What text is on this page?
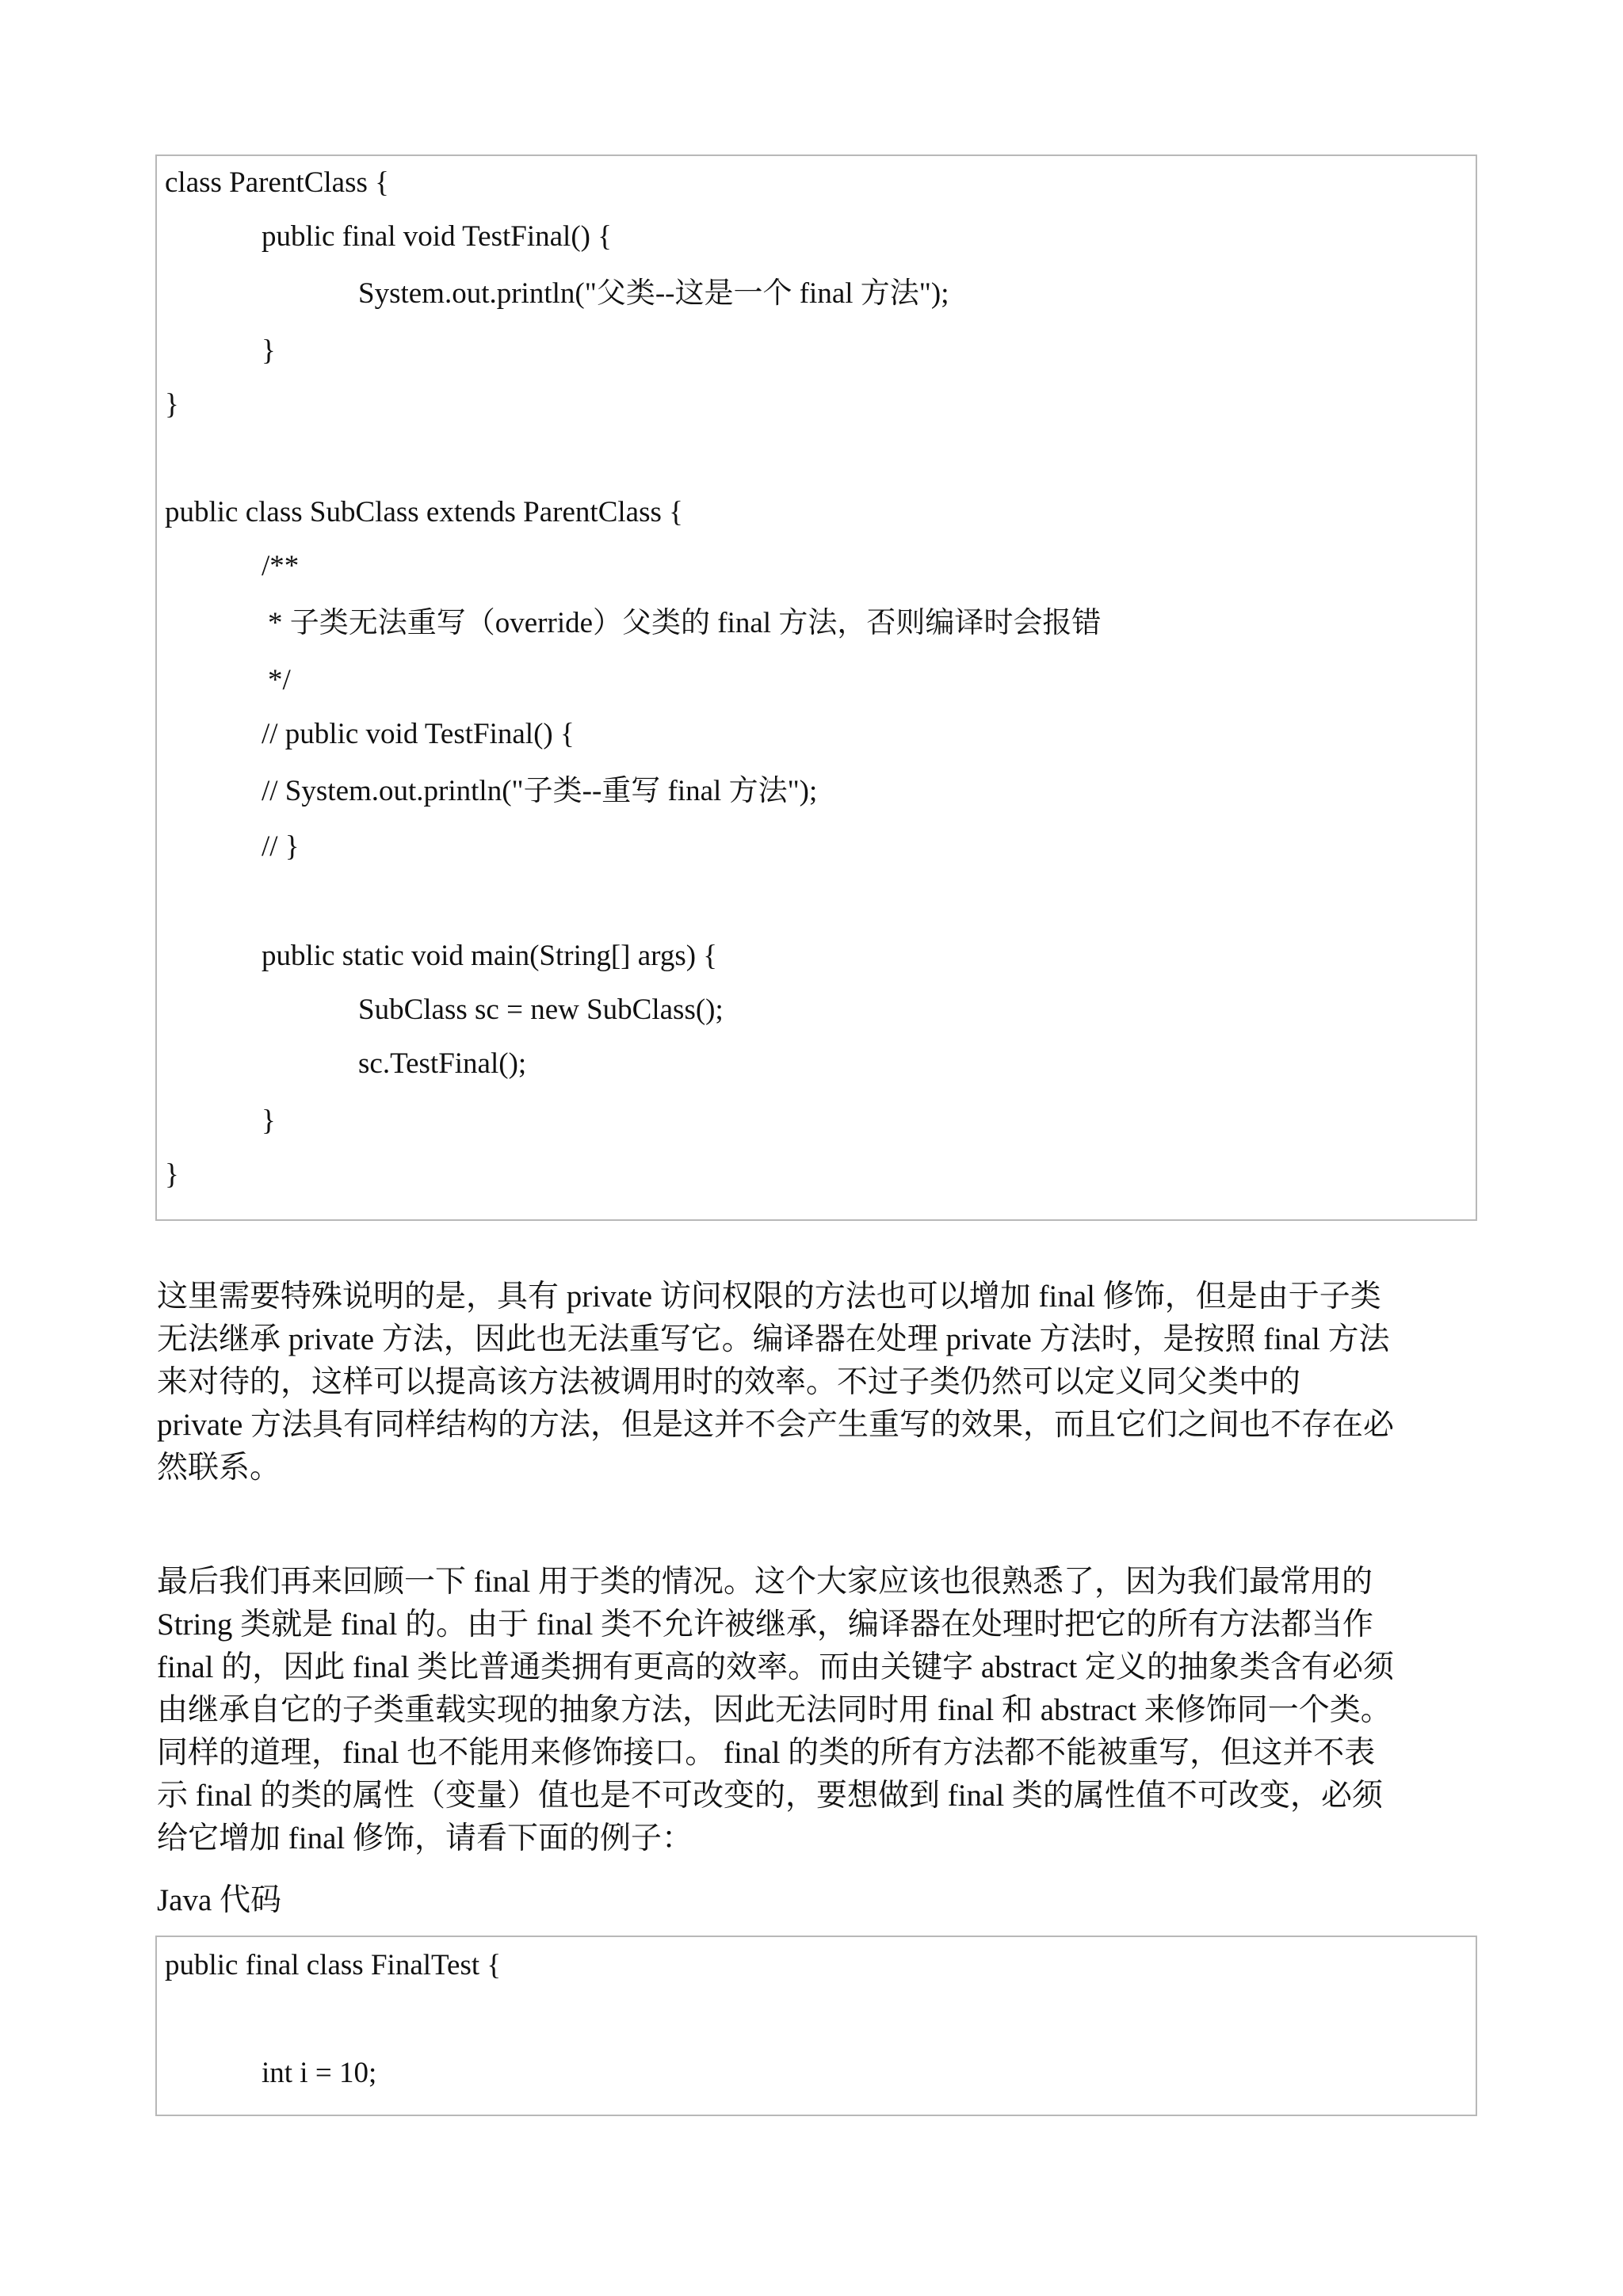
class ParentClass {
public final void TestFinal() {
System.out.println("父类--这是一个 final 方法");
}
}
public class SubClass extends ParentClass {
/**
* 子类无法重写（override）父类的 final 方法，否则编译时会报错
*/
// public void TestFinal() {
// System.out.println("子类--重写 final 方法");
// }
public static void main(String[] args) {
SubClass sc = new SubClass();
sc.TestFinal();
}
}
这里需要特殊说明的是，具有 private 访问权限的方法也可以增加 final 修饰，但是由于子类
无法继承 private 方法，因此也无法重写它。编译器在处理 private 方法时，是按照 final 方法
来对待的，这样可以提高该方法被调用时的效率。不过子类仍然可以定义同父类中的
private 方法具有同样结构的方法，但是这并不会产生重写的效果，而且它们之间也不存在必
然联系。
最后我们再来回顾一下 final 用于类的情况。这个大家应该也很熟悉了，因为我们最常用的
String 类就是 final 的。由于 final 类不允许被继承，编译器在处理时把它的所有方法都当作
final 的，因此 final 类比普通类拥有更高的效率。而由关键字 abstract 定义的抽象类含有必须
由继承自它的子类重载实现的抽象方法，因此无法同时用 final 和 abstract 来修饰同一个类。
同样的道理，final 也不能用来修饰接口。 final 的类的所有方法都不能被重写，但这并不表
示 final 的类的属性（变量）值也是不可改变的，要想做到 final 类的属性值不可改变，必须
给它增加 final 修饰，请看下面的例子：
Java 代码
public final class FinalTest {
int i = 10;
